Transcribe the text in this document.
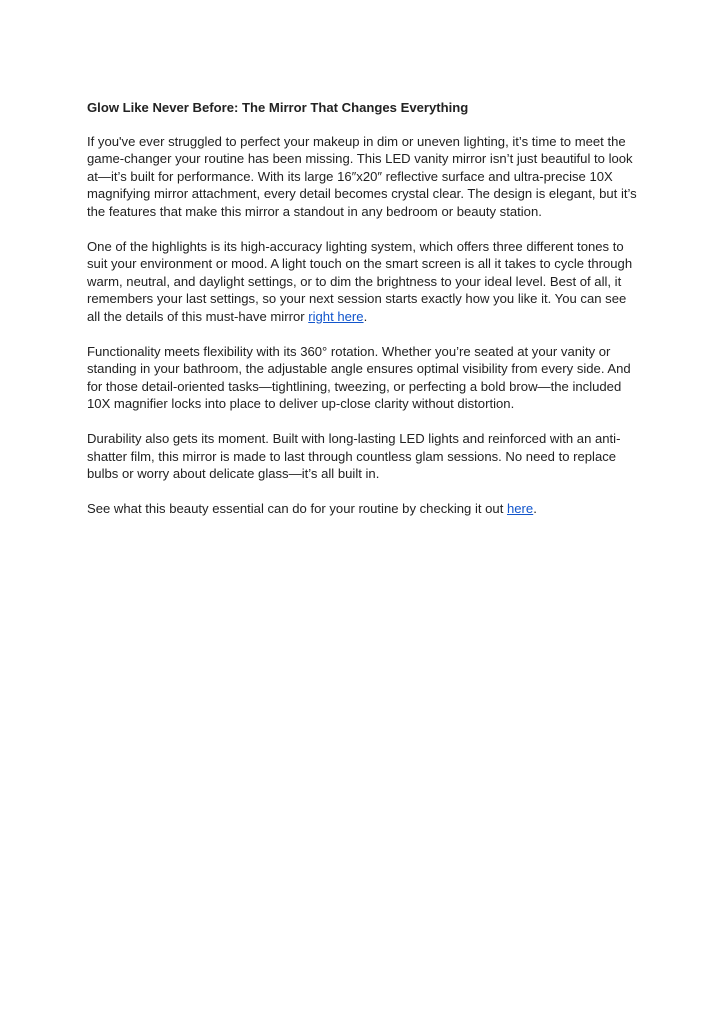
Glow Like Never Before: The Mirror That Changes Everything

If you've ever struggled to perfect your makeup in dim or uneven lighting, it’s time to meet the game-changer your routine has been missing. This LED vanity mirror isn’t just beautiful to look at—it’s built for performance. With its large 16″x20″ reflective surface and ultra-precise 10X magnifying mirror attachment, every detail becomes crystal clear. The design is elegant, but it’s the features that make this mirror a standout in any bedroom or beauty station.

One of the highlights is its high-accuracy lighting system, which offers three different tones to suit your environment or mood. A light touch on the smart screen is all it takes to cycle through warm, neutral, and daylight settings, or to dim the brightness to your ideal level. Best of all, it remembers your last settings, so your next session starts exactly how you like it. You can see all the details of this must-have mirror right here.

Functionality meets flexibility with its 360° rotation. Whether you’re seated at your vanity or standing in your bathroom, the adjustable angle ensures optimal visibility from every side. And for those detail-oriented tasks—tightlining, tweezing, or perfecting a bold brow—the included 10X magnifier locks into place to deliver up-close clarity without distortion.

Durability also gets its moment. Built with long-lasting LED lights and reinforced with an anti-shatter film, this mirror is made to last through countless glam sessions. No need to replace bulbs or worry about delicate glass—it’s all built in.

See what this beauty essential can do for your routine by checking it out here.
